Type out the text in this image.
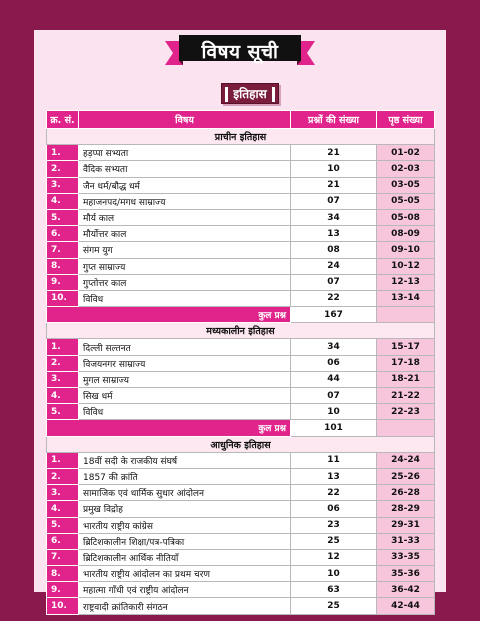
विषय सूची
इतिहास
क्र. सं.	विषय	प्रश्नों की संख्या	पृष्ठ संख्या
प्राचीन इतिहास			
1.	हड़प्पा सभ्यता	21	01-02
2.	वैदिक सभ्यता	10	02-03
3.	जैन धर्म/बौद्ध धर्म	21	03-05
4.	महाजनपद/मगध साम्राज्य	07	05-05
5.	मौर्य काल	34	05-08
6.	मौर्योत्तर काल	13	08-09
7.	संगम युग	08	09-10
8.	गुप्त साम्राज्य	24	10-12
9.	गुप्तोत्तर काल	07	12-13
10.	विविध	22	13-14
कुल प्रश्न		167	
मध्यकालीन इतिहास			
1.	दिल्ली सल्तनत	34	15-17
2.	विजयनगर साम्राज्य	06	17-18
3.	मुगल साम्राज्य	44	18-21
4.	सिख धर्म	07	21-22
5.	विविध	10	22-23
कुल प्रश्न		101	
आधुनिक इतिहास			
1.	18वीं सदी के राजकीय संघर्ष	11	24-24
2.	1857 की क्रांति	13	25-26
3.	सामाजिक एवं धार्मिक सुधार आंदोलन	22	26-28
4.	प्रमुख विद्रोह	06	28-29
5.	भारतीय राष्ट्रीय कांग्रेस	23	29-31
6.	ब्रिटिशकालीन शिक्षा/पत्र-पत्रिका	25	31-33
7.	ब्रिटिशकालीन आर्थिक नीतियाँ	12	33-35
8.	भारतीय राष्ट्रीय आंदोलन का प्रथम चरण	10	35-36
9.	महात्मा गाँधी एवं राष्ट्रीय आंदोलन	63	36-42
10.	राष्ट्रवादी क्रांतिकारी संगठन	25	42-44
